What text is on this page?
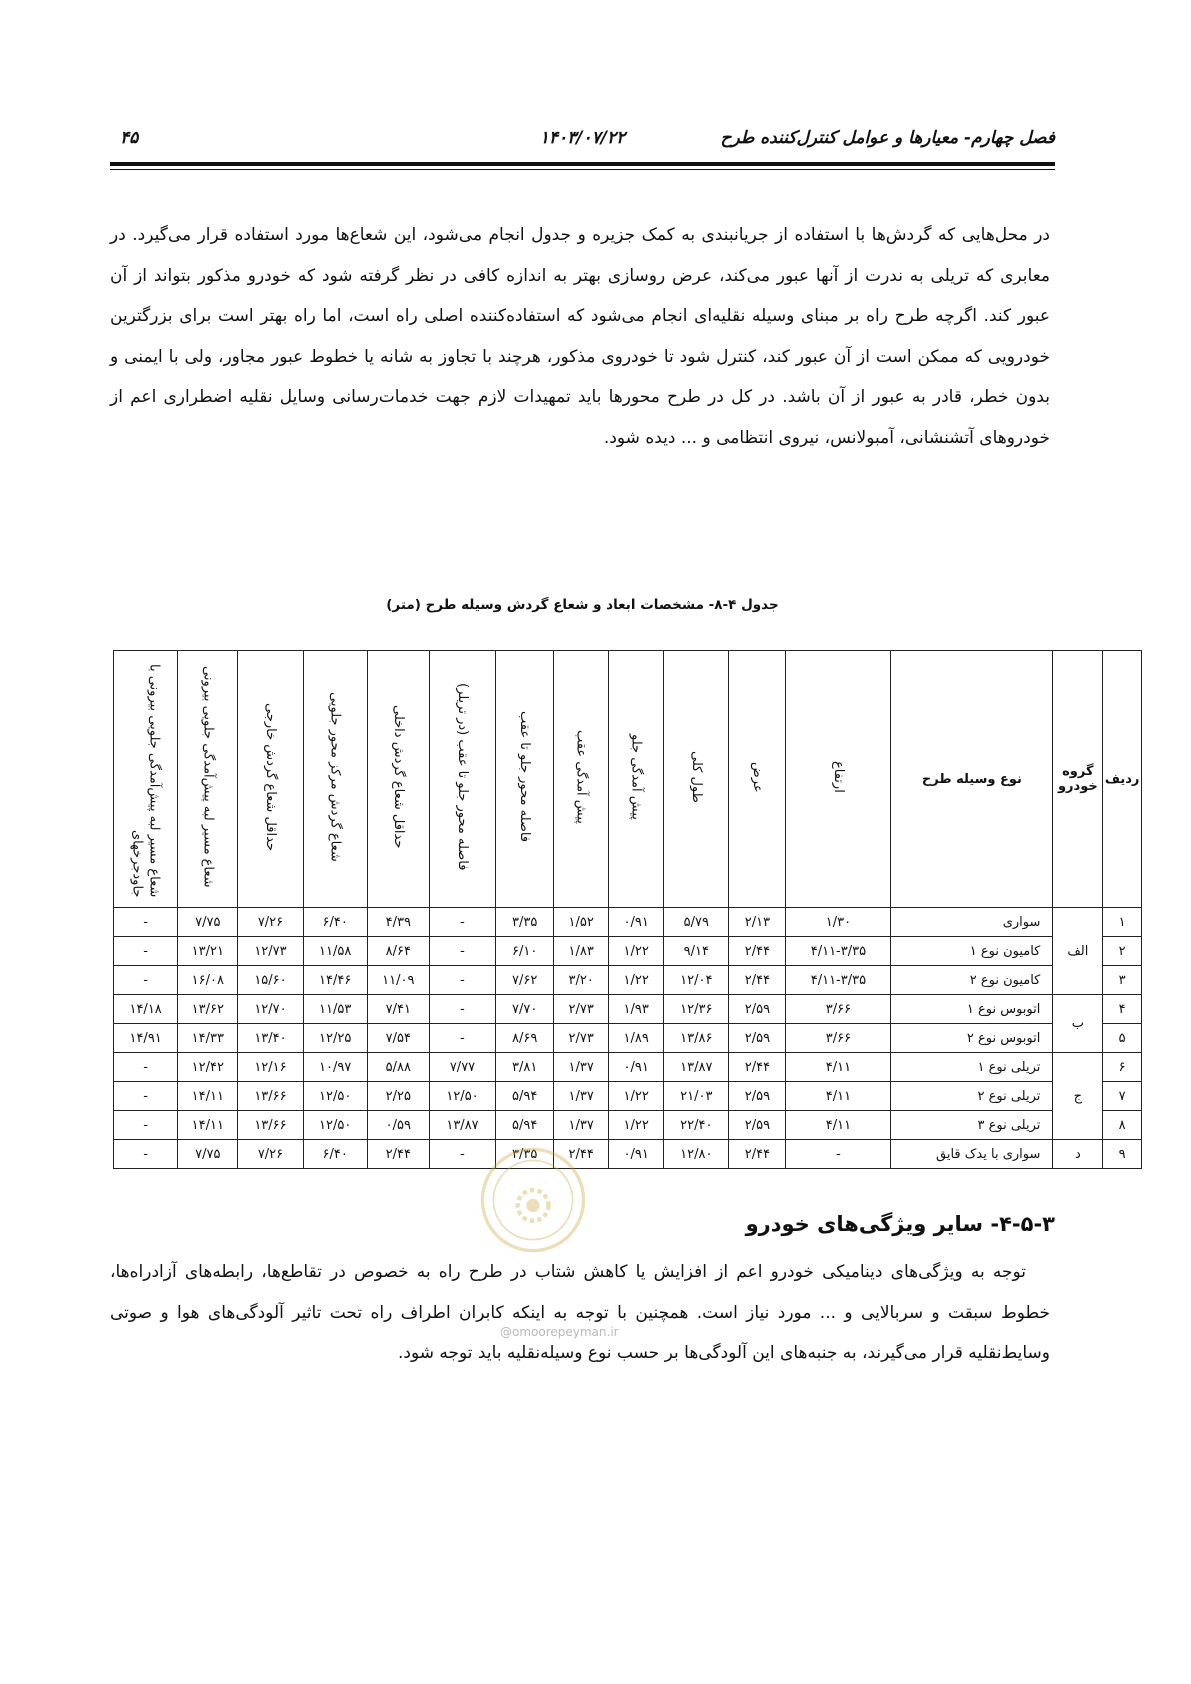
فصل چهارم- معیارها و عوامل کنترل‌کننده طرح
۱۴۰۳/۰۷/۲۲
۴۵
در محل‌هایی که گردش‌ها با استفاده از جریانبندی به کمک جزیره و جدول انجام می‌شود، این شعاع‌ها مورد استفاده قرار می‌گیرد. در معابری که تریلی به ندرت از آنها عبور می‌کند، عرض روسازی بهتر به اندازه کافی در نظر گرفته شود که خودرو مذکور بتواند از آن عبور کند. اگرچه طرح راه بر مبنای وسیله نقلیه‌ای انجام می‌شود که استفاده‌کننده اصلی راه است، اما راه بهتر است برای بزرگترین خودرویی که ممکن است از آن عبور کند، کنترل شود تا خودروی مذکور، هرچند با تجاوز به شانه یا خطوط عبور مجاور، ولی با ایمنی و بدون خطر، قادر به عبور از آن باشد. در کل در طرح محورها باید تمهیدات لازم جهت خدمات‌رسانی وسایل نقلیه اضطراری اعم از خودروهای آتشنشانی، آمبولانس، نیروی انتظامی و ... دیده شود.
جدول ۴-۸- مشخصات ابعاد و شعاع گردش وسیله طرح (متر)
ردیف	گروه خودرو	نوع وسیله طرح	ارتفاع	عرض	طول کلی	پیش آمدگی جلو	پیش آمدگی عقب	فاصله محور جلو تا عقب	فاصله محور جلو تا عقب (در تریلر)	حداقل شعاع گردش داخلی	شعاع گردش مرکز محور جلویی	حداقل شعاع گردش خارجی	شعاع مسیر لبه پیش‌آمدگی جلویی بیرونی	شعاع مسیر لبه پیش‌آمدگی جلویی بیرونی با جاودجرخهای
۱	الف	سواری	۱/۳۰	۲/۱۳	۵/۷۹	۰/۹۱	۱/۵۲	۳/۳۵	-	۴/۳۹	۶/۴۰	۷/۲۶	۷/۷۵	-
۲		کامیون نوع ۱	۴/۱۱-۳/۳۵	۲/۴۴	۹/۱۴	۱/۲۲	۱/۸۳	۶/۱۰	-	۸/۶۴	۱۱/۵۸	۱۲/۷۳	۱۳/۲۱	-
۳		کامیون نوع ۲	۴/۱۱-۳/۳۵	۲/۴۴	۱۲/۰۴	۱/۲۲	۳/۲۰	۷/۶۲	-	۱۱/۰۹	۱۴/۴۶	۱۵/۶۰	۱۶/۰۸	-
۴	ب	اتوبوس نوع ۱	۳/۶۶	۲/۵۹	۱۲/۳۶	۱/۹۳	۲/۷۳	۷/۷۰	-	۷/۴۱	۱۱/۵۳	۱۲/۷۰	۱۳/۶۲	۱۴/۱۸
۵		اتوبوس نوع ۲	۳/۶۶	۲/۵۹	۱۳/۸۶	۱/۸۹	۲/۷۳	۸/۶۹	-	۷/۵۴	۱۲/۲۵	۱۳/۴۰	۱۴/۳۳	۱۴/۹۱
۶	ج	تریلی نوع ۱	۴/۱۱	۲/۴۴	۱۳/۸۷	۰/۹۱	۱/۳۷	۳/۸۱	۷/۷۷	۵/۸۸	۱۰/۹۷	۱۲/۱۶	۱۲/۴۲	-
۷		تریلی نوع ۲	۴/۱۱	۲/۵۹	۲۱/۰۳	۱/۲۲	۱/۳۷	۵/۹۴	۱۲/۵۰	۲/۲۵	۱۲/۵۰	۱۳/۶۶	۱۴/۱۱	-
۸		تریلی نوع ۳	۴/۱۱	۲/۵۹	۲۲/۴۰	۱/۲۲	۱/۳۷	۵/۹۴	۱۳/۸۷	۰/۵۹	۱۲/۵۰	۱۳/۶۶	۱۴/۱۱	-
۹	د	سواری با یدک قایق	-	۲/۴۴	۱۲/۸۰	۰/۹۱	۲/۴۴	۳/۳۵	-	۲/۴۴	۶/۴۰	۷/۲۶	۷/۷۵	-
@omoorepeyman.ir
۴-۵-۳- سایر ویژگی‌های خودرو
توجه به ویژگی‌های دینامیکی خودرو اعم از افزایش یا کاهش شتاب در طرح راه به خصوص در تقاطع‌ها، رابطه‌های آزادراه‌ها، خطوط سبقت و سربالایی و ... مورد نیاز است. همچنین با توجه به اینکه کابران اطراف راه تحت تاثیر آلودگی‌های هوا و صوتی وسایط‌نقلیه قرار می‌گیرند، به جنبه‌های این آلودگی‌ها بر حسب نوع وسیله‌نقلیه باید توجه شود.
